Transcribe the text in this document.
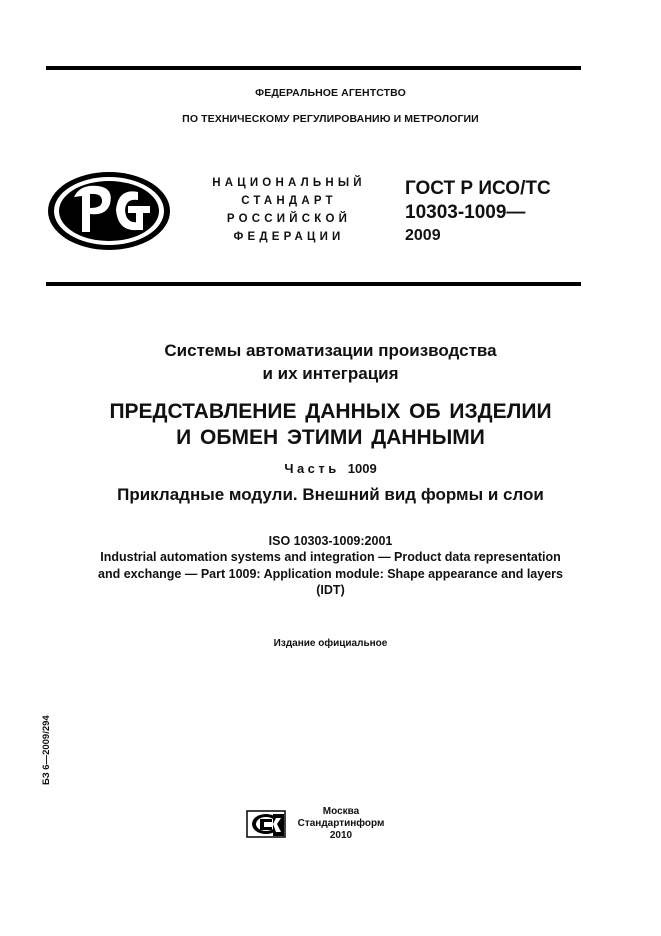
ФЕДЕРАЛЬНОЕ АГЕНТСТВО
ПО ТЕХНИЧЕСКОМУ РЕГУЛИРОВАНИЮ И МЕТРОЛОГИИ
НАЦИОНАЛЬНЫЙ
СТАНДАРТ
РОССИЙСКОЙ
ФЕДЕРАЦИИ
ГОСТ Р ИСО/ТС
10303-1009—
2009
Системы автоматизации производства
и их интеграция
ПРЕДСТАВЛЕНИЕ ДАННЫХ ОБ ИЗДЕЛИИ
И ОБМЕН ЭТИМИ ДАННЫМИ
Часть 1009
Прикладные модули. Внешний вид формы и слои
ISO 10303-1009:2001
Industrial automation systems and integration — Product data representation
and exchange — Part 1009: Application module: Shape appearance and layers
(IDT)
Издание официальное
БЗ 6—2009/294
Москва
Стандартинформ
2010
